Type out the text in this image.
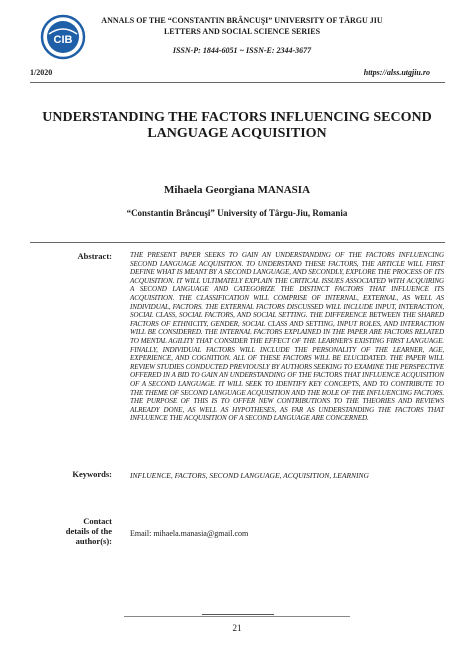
CIB
ANNALS OF THE “CONSTANTIN BRÂNCUŞI” UNIVERSITY OF TÂRGU JIU
LETTERS AND SOCIAL SCIENCE SERIES
ISSN-P: 1844-6051 ~ ISSN-E: 2344-3677
1/2020	https://alss.utgjiu.ro
UNDERSTANDING THE FACTORS INFLUENCING SECOND
LANGUAGE ACQUISITION
Mihaela Georgiana MANASIA
“Constantin Brâncuşi” University of Târgu-Jiu, Romania
Abstract:	THE PRESENT PAPER SEEKS TO GAIN AN UNDERSTANDING OF THE FACTORS INFLUENCING SECOND LANGUAGE ACQUISITION. TO UNDERSTAND THESE FACTORS, THE ARTICLE WILL FIRST DEFINE WHAT IS MEANT BY A SECOND LANGUAGE, AND SECONDLY, EXPLORE THE PROCESS OF ITS ACQUISITION. IT WILL ULTIMATELY EXPLAIN THE CRITICAL ISSUES ASSOCIATED WITH ACQUIRING A SECOND LANGUAGE AND CATEGORIZE THE DISTINCT FACTORS THAT INFLUENCE ITS ACQUISITION. THE CLASSIFICATION WILL COMPRISE OF INTERNAL, EXTERNAL, AS WELL AS INDIVIDUAL, FACTORS. THE EXTERNAL FACTORS DISCUSSED WILL INCLUDE INPUT, INTERACTION, SOCIAL CLASS, SOCIAL FACTORS, AND SOCIAL SETTING. THE DIFFERENCE BETWEEN THE SHARED FACTORS OF ETHNICITY, GENDER, SOCIAL CLASS AND SETTING, INPUT ROLES, AND INTERACTION WILL BE CONSIDERED. THE INTERNAL FACTORS EXPLAINED IN THE PAPER ARE FACTORS RELATED TO MENTAL AGILITY THAT CONSIDER THE EFFECT OF THE LEARNER'S EXISTING FIRST LANGUAGE. FINALLY, INDIVIDUAL FACTORS WILL INCLUDE THE PERSONALITY OF THE LEARNER, AGE, EXPERIENCE, AND COGNITION. ALL OF THESE FACTORS WILL BE ELUCIDATED. THE PAPER WILL REVIEW STUDIES CONDUCTED PREVIOUSLY BY AUTHORS SEEKING TO EXAMINE THE PERSPECTIVE OFFERED IN A BID TO GAIN AN UNDERSTANDING OF THE FACTORS THAT INFLUENCE ACQUISITION OF A SECOND LANGUAGE. IT WILL SEEK TO IDENTIFY KEY CONCEPTS, AND TO CONTRIBUTE TO THE THEME OF SECOND LANGUAGE ACQUISITION AND THE ROLE OF THE INFLUENCING FACTORS. THE PURPOSE OF THIS IS TO OFFER NEW CONTRIBUTIONS TO THE THEORIES AND REVIEWS ALREADY DONE, AS WELL AS HYPOTHESES, AS FAR AS UNDERSTANDING THE FACTORS THAT INFLUENCE THE ACQUISITION OF A SECOND LANGUAGE ARE CONCERNED.
Keywords: INFLUENCE, FACTORS, SECOND LANGUAGE, ACQUISITION, LEARNING
Contact details of the author(s):
Email: mihaela.manasia@gmail.com
21
